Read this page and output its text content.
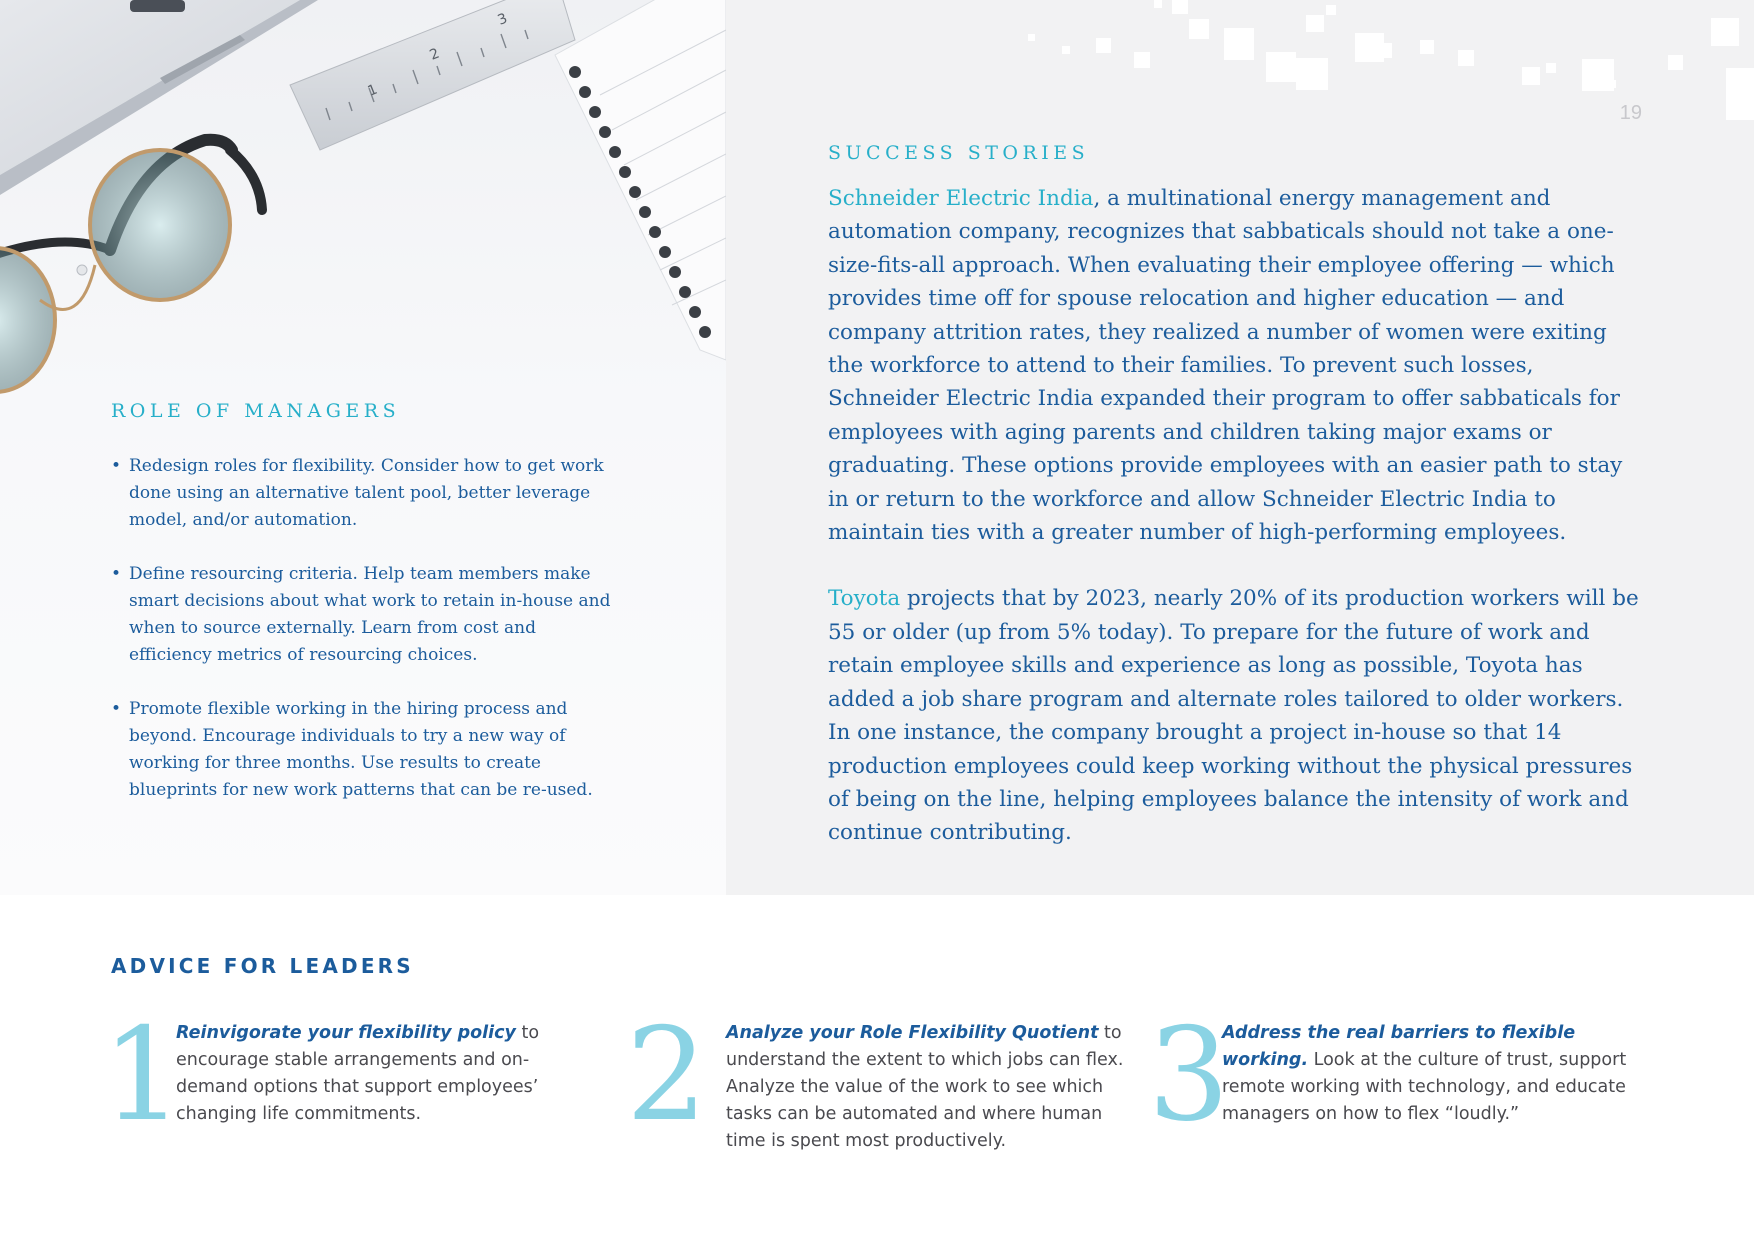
1
2
3
19
ROLE OF MANAGERS
• Redesign roles for flexibility. Consider how to get work done using an alternative talent pool, better leverage model, and/or automation.
• Define resourcing criteria. Help team members make smart decisions about what work to retain in-house and when to source externally. Learn from cost and efficiency metrics of resourcing choices.
• Promote flexible working in the hiring process and beyond. Encourage individuals to try a new way of working for three months. Use results to create blueprints for new work patterns that can be re-used.
SUCCESS STORIES

Schneider Electric India, a multinational energy management and automation company, recognizes that sabbaticals should not take a one-size-fits-all approach. When evaluating their employee offering — which provides time off for spouse relocation and higher education — and company attrition rates, they realized a number of women were exiting the workforce to attend to their families. To prevent such losses, Schneider Electric India expanded their program to offer sabbaticals for employees with aging parents and children taking major exams or graduating. These options provide employees with an easier path to stay in or return to the workforce and allow Schneider Electric India to maintain ties with a greater number of high-performing employees.

Toyota projects that by 2023, nearly 20% of its production workers will be 55 or older (up from 5% today). To prepare for the future of work and retain employee skills and experience as long as possible, Toyota has added a job share program and alternate roles tailored to older workers. In one instance, the company brought a project in-house so that 14 production employees could keep working without the physical pressures of being on the line, helping employees balance the intensity of work and continue contributing.

ADVICE FOR LEADERS
1
Reinvigorate your flexibility policy to encourage stable arrangements and on-demand options that support employees’ changing life commitments.	2	Analyze your Role Flexibility Quotient to understand the extent to which jobs can flex. Analyze the value of the work to see which tasks can be automated and where human time is spent most productively.	3
Address the real barriers to flexible working. Look at the culture of trust, support remote working with technology, and educate managers on how to flex “loudly.”
